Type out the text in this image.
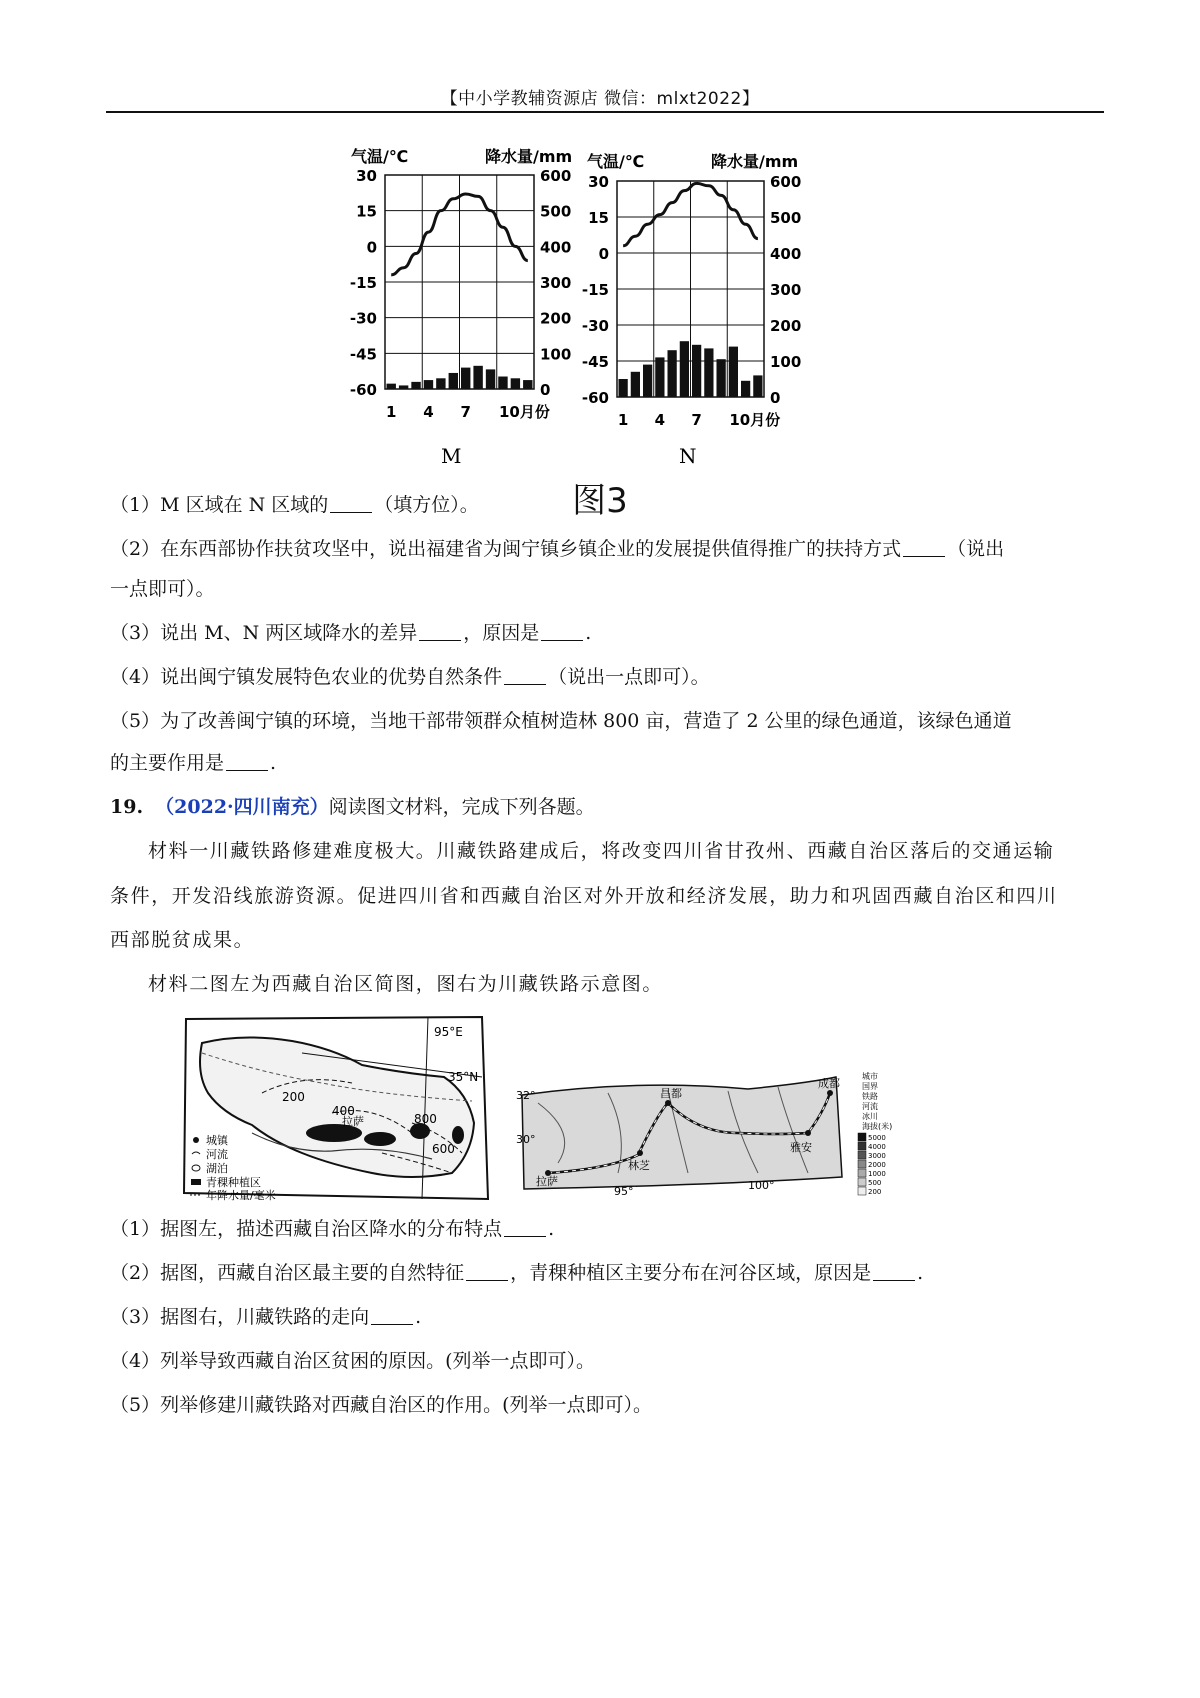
【中小学教辅资源店 微信：mlxt2022】
气温/℃	降水量/mm
30
15
0
-15
-30
-45
-60
600
500
400
300
200
100
0
1 4 7 10月份
M
气温/℃	降水量/mm
30
15
0
-15
-30
-45
-60
600
500
400
300
200
100
0
1 4 7 10月份
N
图3
（1）M 区域在 N 区域的 （填方位）。
（2）在东西部协作扶贫攻坚中，说出福建省为闽宁镇乡镇企业的发展提供值得推广的扶持方式 （说出
一点即可）。
（3）说出 M、N 两区域降水的差异 ，原因是 .
（4）说出闽宁镇发展特色农业的优势自然条件 （说出一点即可）。
（5）为了改善闽宁镇的环境，当地干部带领群众植树造林 800 亩，营造了 2 公里的绿色通道，该绿色通道
的主要作用是 .
19. （2022·四川南充）阅读图文材料，完成下列各题。
材料一川藏铁路修建难度极大。川藏铁路建成后，将改变四川省甘孜州、西藏自治区落后的交通运输
条件，开发沿线旅游资源。促进四川省和西藏自治区对外开放和经济发展，助力和巩固西藏自治区和四川
西部脱贫成果。
材料二图左为西藏自治区简图，图右为川藏铁路示意图。
95°E
35°N
200
400
600
800
拉萨
城镇
河流
湖泊
青稞种植区
年降水量/毫米
32°
30°
95°	100°
拉萨
昌都
林芝
雅安
成都
城市
国界
铁路
河流
冰川
海拔(米)
5000
4000
3000
2000
1000
500
200
（1）据图左，描述西藏自治区降水的分布特点 .
（2）据图，西藏自治区最主要的自然特征 ，青稞种植区主要分布在河谷区域，原因是 .
（3）据图右，川藏铁路的走向 .
（4）列举导致西藏自治区贫困的原因。(列举一点即可）。
（5）列举修建川藏铁路对西藏自治区的作用。(列举一点即可）。
